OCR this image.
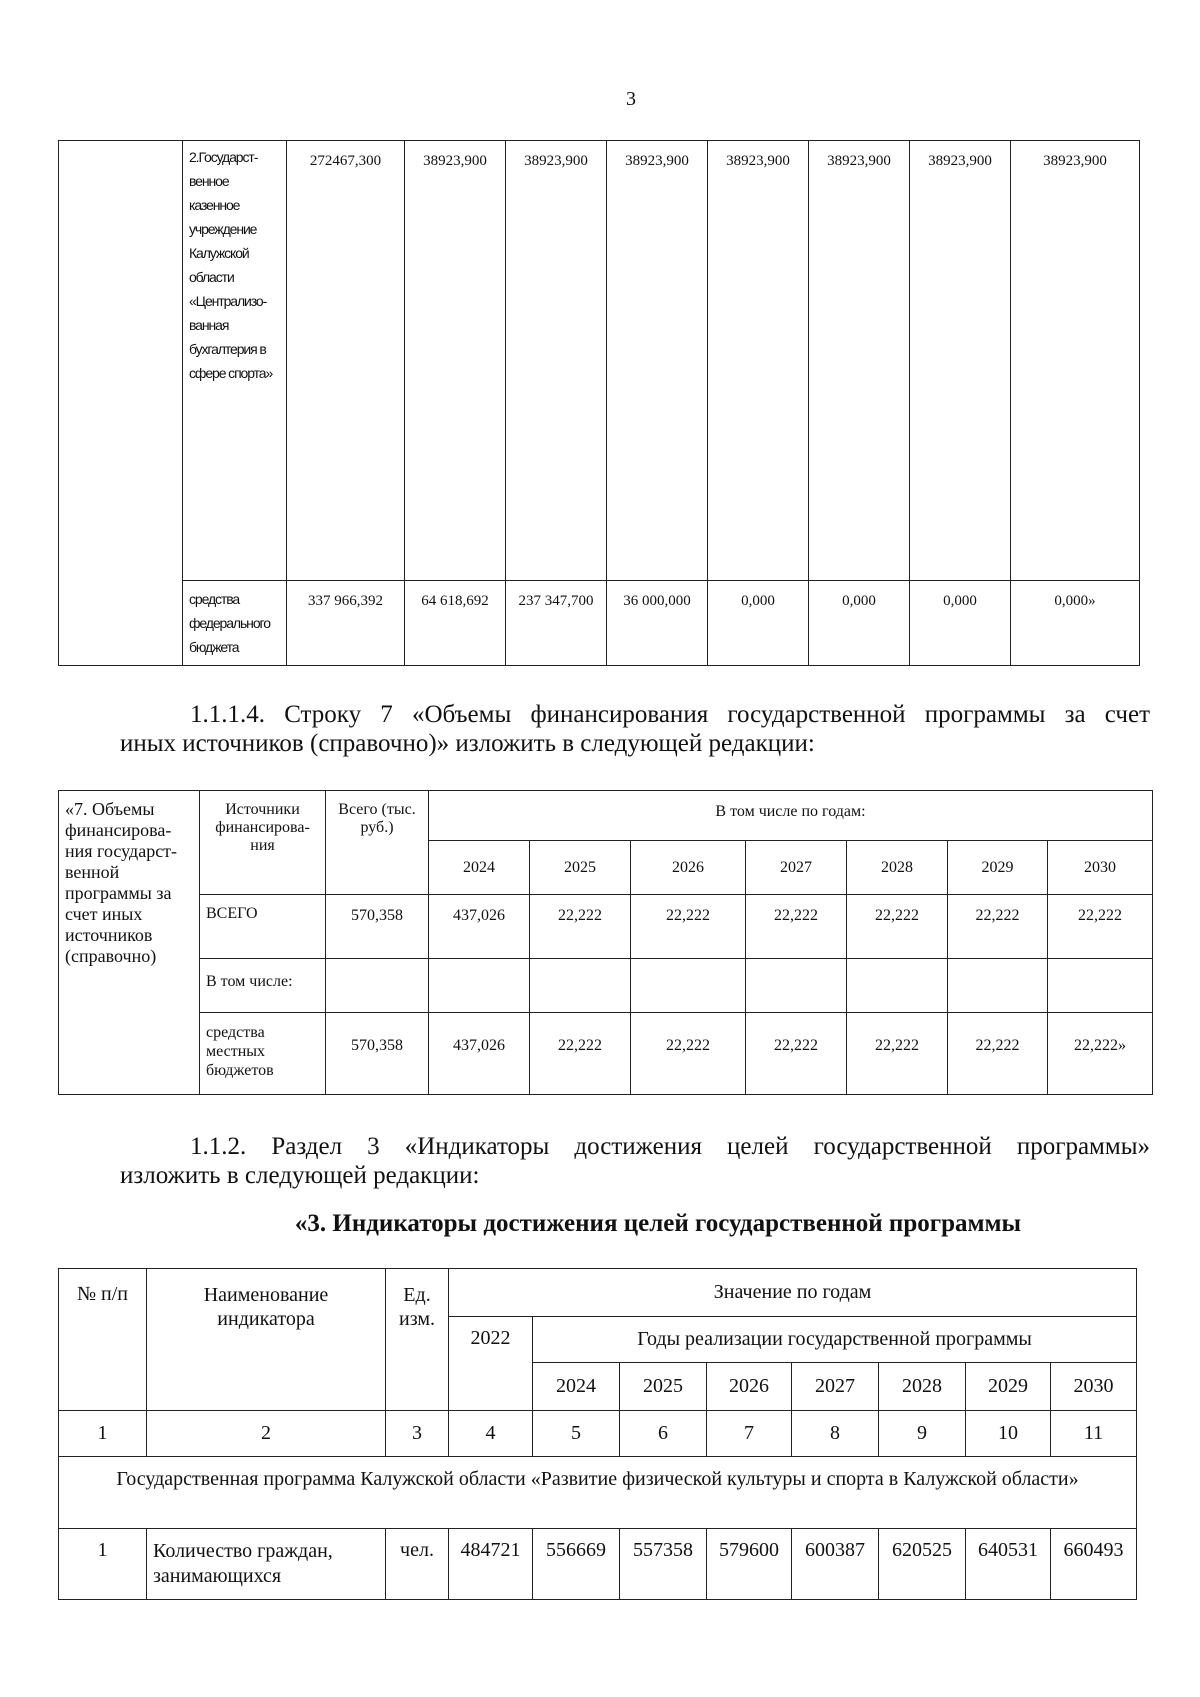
3
	2.Государст-венное казенное учреждение Калужской области «Централизо-ванная бухгалтерия в сфере спорта»	272467,300	38923,900	38923,900	38923,900	38923,900	38923,900	38923,900	38923,900
	средства федерального бюджета	337 966,392	64 618,692	237 347,700	36 000,000	0,000	0,000	0,000	0,000»
1.1.1.4. Строку 7 «Объемы финансирования государственной программы за счет
иных источников (справочно)» изложить в следующей редакции:
«7. Объемы финансирова-ния государст-венной программы за счет иных источников (справочно)	Источники финансирова-ния	Всего (тыс. руб.)	В том числе по годам:						
			2024	2025	2026	2027	2028	2029	2030
	ВСЕГО	570,358	437,026	22,222	22,222	22,222	22,222	22,222	22,222
	В том числе:								
	средства местных бюджетов	570,358	437,026	22,222	22,222	22,222	22,222	22,222	22,222»
1.1.2. Раздел 3 «Индикаторы достижения целей государственной программы»
изложить в следующей редакции:
«3. Индикаторы достижения целей государственной программы
№ п/п	Наименование индикатора	Ед. изм.	Значение по годам							
			2022	Годы реализации государственной программы						
				2024	2025	2026	2027	2028	2029	2030
1	2	3	4	5	6	7	8	9	10	11
Государственная программа Калужской области «Развитие физической культуры и спорта в Калужской области»										
1	Количество граждан, занимающихся	чел.	484721	556669	557358	579600	600387	620525	640531	660493
